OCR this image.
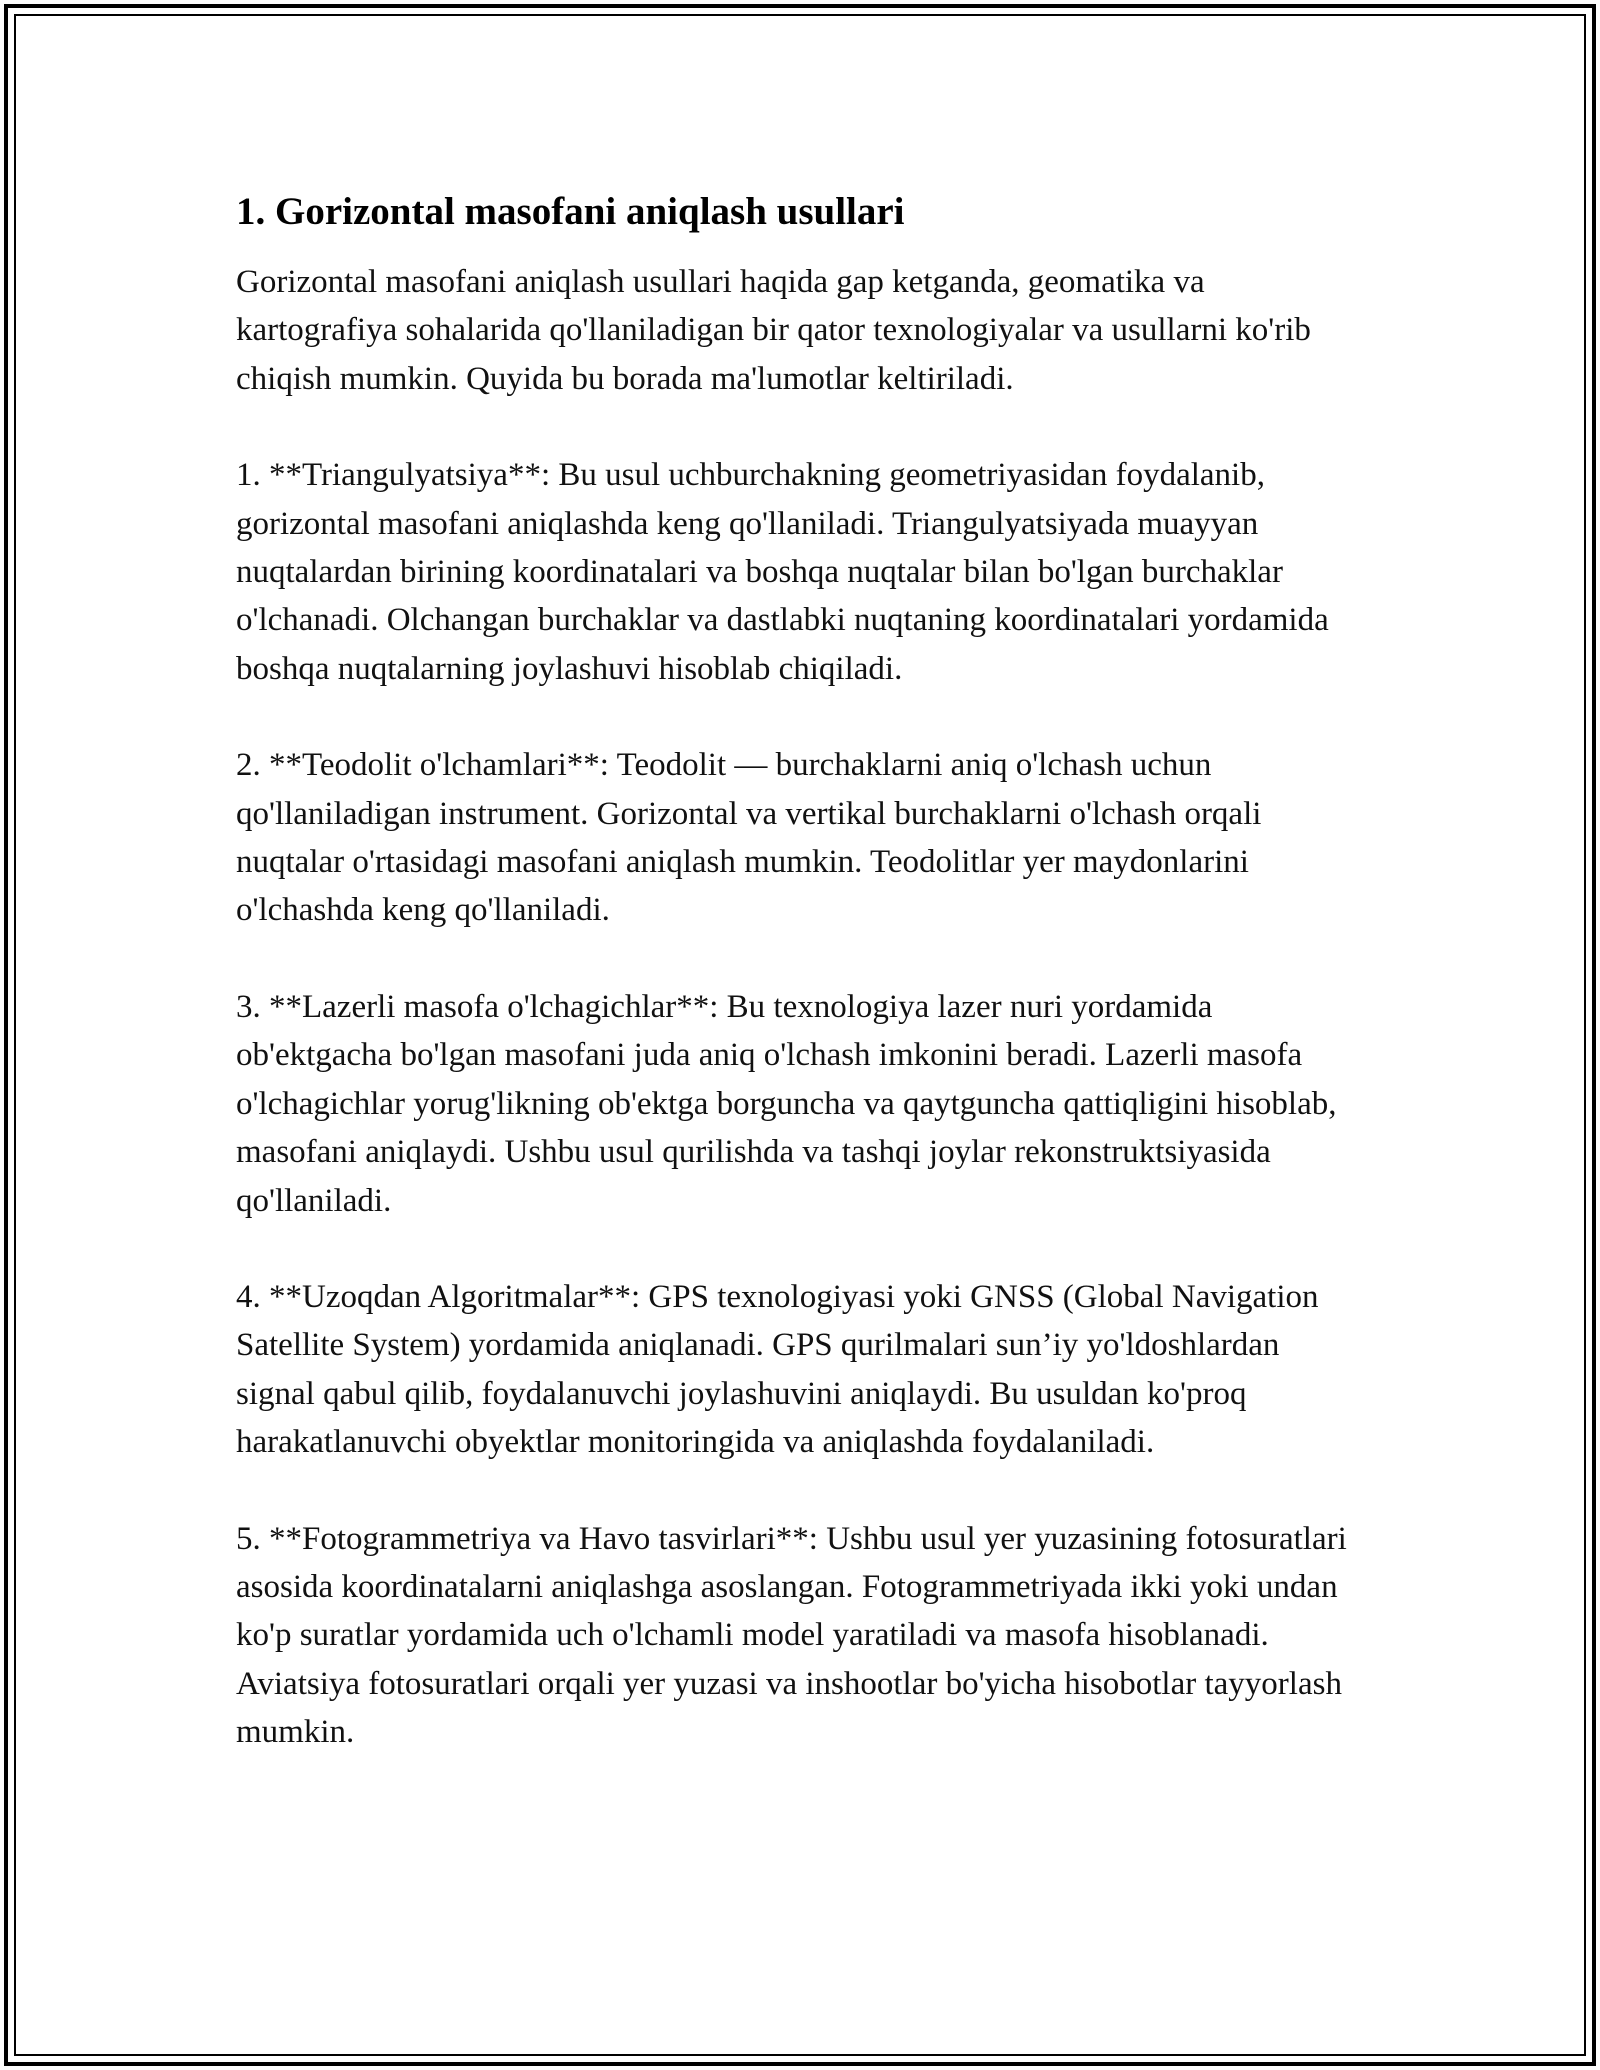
1. Gorizontal masofani aniqlash usullari

Gorizontal masofani aniqlash usullari haqida gap ketganda, geomatika va kartografiya sohalarida qo'llaniladigan bir qator texnologiyalar va usullarni ko'rib chiqish mumkin. Quyida bu borada ma'lumotlar keltiriladi.

1. **Triangulyatsiya**: Bu usul uchburchakning geometriyasidan foydalanib, gorizontal masofani aniqlashda keng qo'llaniladi. Triangulyatsiyada muayyan nuqtalardan birining koordinatalari va boshqa nuqtalar bilan bo'lgan burchaklar o'lchanadi. Olchangan burchaklar va dastlabki nuqtaning koordinatalari yordamida boshqa nuqtalarning joylashuvi hisoblab chiqiladi.

2. **Teodolit o'lchamlari**: Teodolit — burchaklarni aniq o'lchash uchun qo'llaniladigan instrument. Gorizontal va vertikal burchaklarni o'lchash orqali nuqtalar o'rtasidagi masofani aniqlash mumkin. Teodolitlar yer maydonlarini o'lchashda keng qo'llaniladi.

3. **Lazerli masofa o'lchagichlar**: Bu texnologiya lazer nuri yordamida ob'ektgacha bo'lgan masofani juda aniq o'lchash imkonini beradi. Lazerli masofa o'lchagichlar yorug'likning ob'ektga borguncha va qaytguncha qattiqligini hisoblab, masofani aniqlaydi. Ushbu usul qurilishda va tashqi joylar rekonstruktsiyasida qo'llaniladi.

4. **Uzoqdan Algoritmalar**: GPS texnologiyasi yoki GNSS (Global Navigation Satellite System) yordamida aniqlanadi. GPS qurilmalari sun’iy yo'ldoshlardan signal qabul qilib, foydalanuvchi joylashuvini aniqlaydi. Bu usuldan ko'proq harakatlanuvchi obyektlar monitoringida va aniqlashda foydalaniladi.

5. **Fotogrammetriya va Havo tasvirlari**: Ushbu usul yer yuzasining fotosuratlari asosida koordinatalarni aniqlashga asoslangan. Fotogrammetriyada ikki yoki undan ko'p suratlar yordamida uch o'lchamli model yaratiladi va masofa hisoblanadi. Aviatsiya fotosuratlari orqali yer yuzasi va inshootlar bo'yicha hisobotlar tayyorlash mumkin.
